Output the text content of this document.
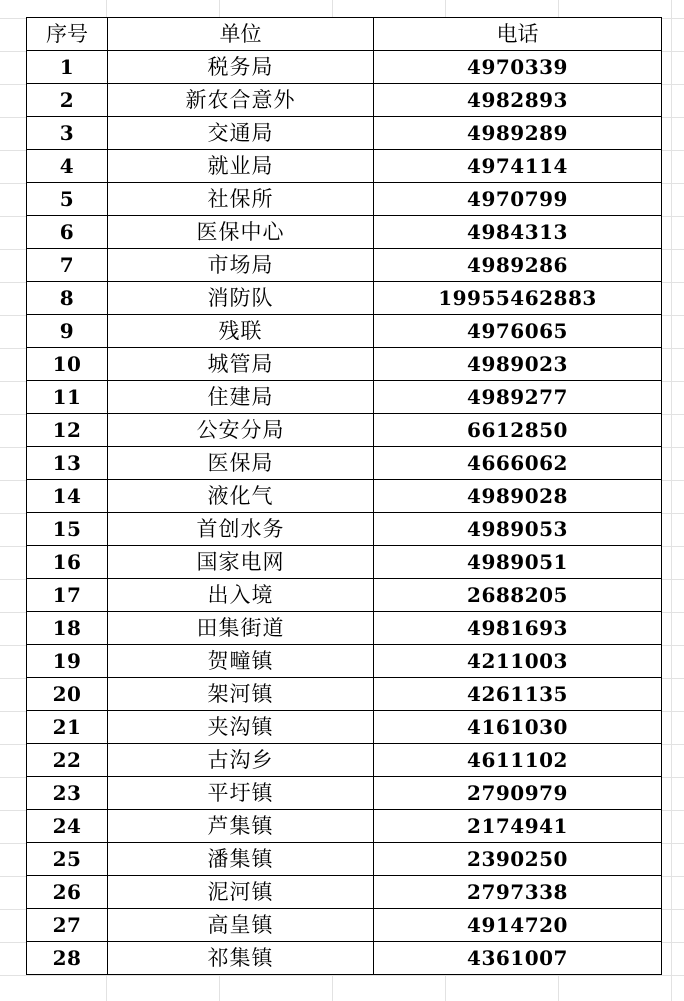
序号	单位	电话
1	税务局	4970339
2	新农合意外	4982893
3	交通局	4989289
4	就业局	4974114
5	社保所	4970799
6	医保中心	4984313
7	市场局	4989286
8	消防队	19955462883
9	残联	4976065
10	城管局	4989023
11	住建局	4989277
12	公安分局	6612850
13	医保局	4666062
14	液化气	4989028
15	首创水务	4989053
16	国家电网	4989051
17	出入境	2688205
18	田集街道	4981693
19	贺疃镇	4211003
20	架河镇	4261135
21	夹沟镇	4161030
22	古沟乡	4611102
23	平圩镇	2790979
24	芦集镇	2174941
25	潘集镇	2390250
26	泥河镇	2797338
27	高皇镇	4914720
28	祁集镇	4361007
